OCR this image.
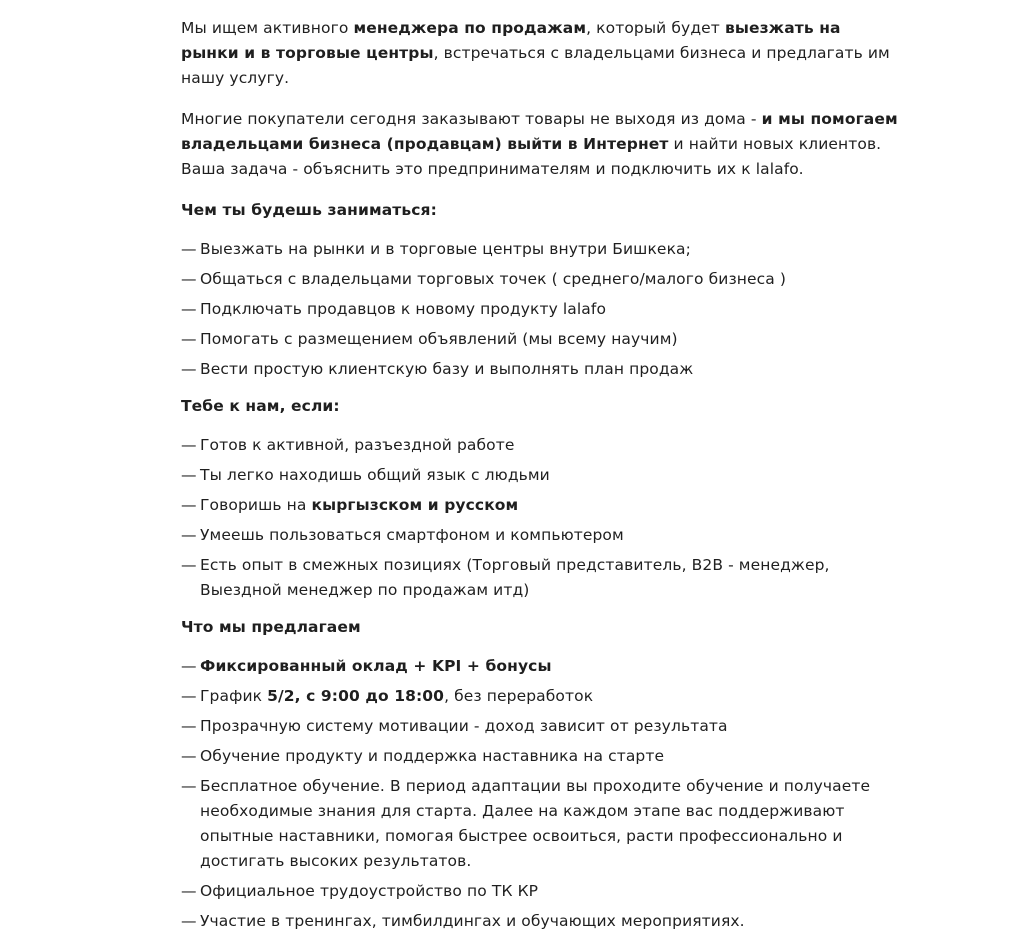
Мы ищем активного менеджера по продажам, который будет выезжать на рынки и в торговые центры, встречаться с владельцами бизнеса и предлагать им нашу услугу.

Многие покупатели сегодня заказывают товары не выходя из дома - и мы помогаем владельцами бизнеса (продавцам) выйти в Интернет и найти новых клиентов. Ваша задача - объяснить это предпринимателям и подключить их к lalafo.

Чем ты будешь заниматься:
— Выезжать на рынки и в торговые центры внутри Бишкека;
— Общаться с владельцами торговых точек ( среднего/малого бизнеса )
— Подключать продавцов к новому продукту lalafo
— Помогать с размещением объявлений (мы всему научим)
— Вести простую клиентскую базу и выполнять план продаж
Тебе к нам, если:
— Готов к активной, разъездной работе
— Ты легко находишь общий язык с людьми
— Говоришь на кыргызском и русском
— Умеешь пользоваться смартфоном и компьютером
— Есть опыт в смежных позициях (Торговый представитель, B2B - менеджер, Выездной менеджер по продажам итд)
Что мы предлагаем
— Фиксированный оклад + KPI + бонусы
— График 5/2, с 9:00 до 18:00, без переработок
— Прозрачную систему мотивации - доход зависит от результата
— Обучение продукту и поддержка наставника на старте
— Бесплатное обучение. В период адаптации вы проходите обучение и получаете необходимые знания для старта. Далее на каждом этапе вас поддерживают опытные наставники, помогая быстрее освоиться, расти профессионально и достигать высоких результатов.
— Официальное трудоустройство по ТК КР
— Участие в тренингах, тимбилдингах и обучающих мероприятиях.
